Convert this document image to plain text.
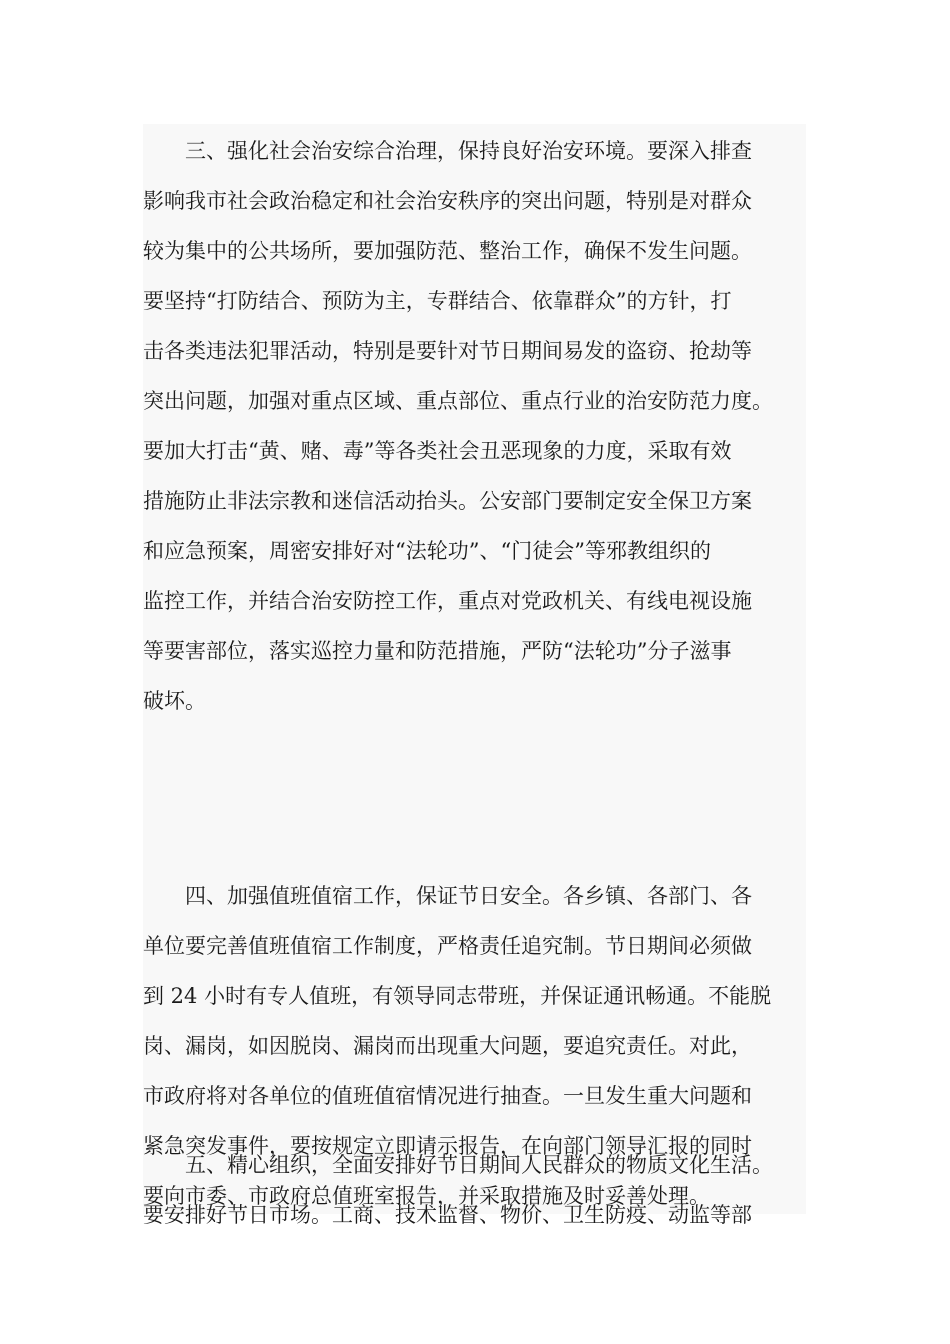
　　三、强化社会治安综合治理，保持良好治安环境。要深入排查
影响我市社会政治稳定和社会治安秩序的突出问题，特别是对群众
较为集中的公共场所，要加强防范、整治工作，确保不发生问题。
要坚持“打防结合、预防为主，专群结合、依靠群众”的方针，打
击各类违法犯罪活动，特别是要针对节日期间易发的盗窃、抢劫等
突出问题，加强对重点区域、重点部位、重点行业的治安防范力度。
要加大打击“黄、赌、毒”等各类社会丑恶现象的力度，采取有效
措施防止非法宗教和迷信活动抬头。公安部门要制定安全保卫方案
和应急预案，周密安排好对“法轮功”、“门徒会”等邪教组织的
监控工作，并结合治安防控工作，重点对党政机关、有线电视设施
等要害部位，落实巡控力量和防范措施，严防“法轮功”分子滋事
破坏。
　　四、加强值班值宿工作，保证节日安全。各乡镇、各部门、各
单位要完善值班值宿工作制度，严格责任追究制。节日期间必须做
到 24 小时有专人值班，有领导同志带班，并保证通讯畅通。不能脱
岗、漏岗，如因脱岗、漏岗而出现重大问题，要追究责任。对此，
市政府将对各单位的值班值宿情况进行抽查。一旦发生重大问题和
紧急突发事件，要按规定立即请示报告，在向部门领导汇报的同时
要向市委、市政府总值班室报告，并采取措施及时妥善处理。
　　五、精心组织，全面安排好节日期间人民群众的物质文化生活。
要安排好节日市场。工商、技术监督、物价、卫生防疫、动监等部
